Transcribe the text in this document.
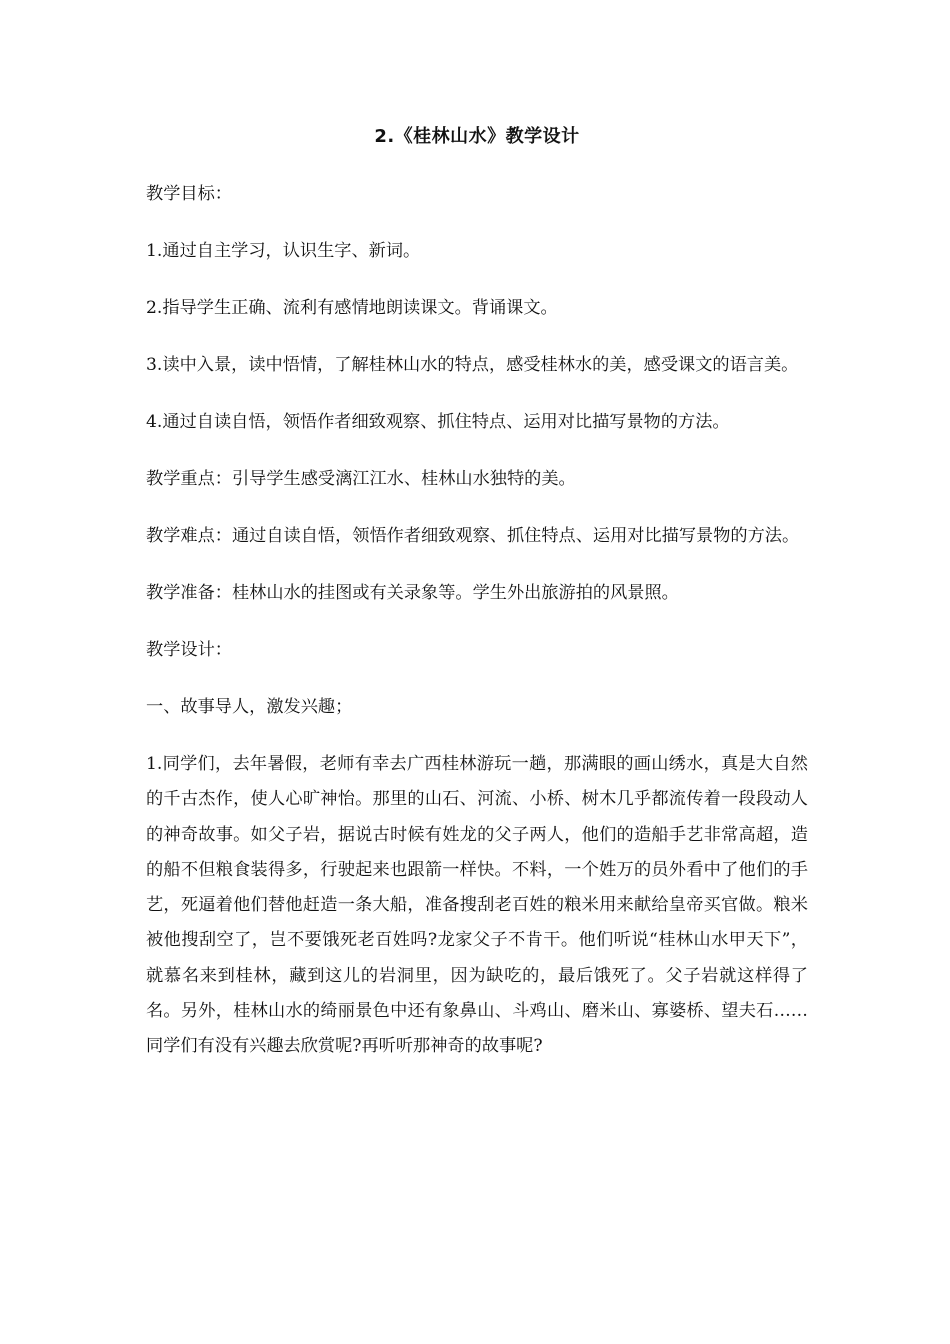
2.《桂林山水》教学设计

教学目标：

1.通过自主学习，认识生字、新词。

2.指导学生正确、流利有感情地朗读课文。背诵课文。

3.读中入景，读中悟情，了解桂林山水的特点，感受桂林水的美，感受课文的语言美。

4.通过自读自悟，领悟作者细致观察、抓住特点、运用对比描写景物的方法。

教学重点：引导学生感受漓江江水、桂林山水独特的美。

教学难点：通过自读自悟，领悟作者细致观察、抓住特点、运用对比描写景物的方法。

教学准备：桂林山水的挂图或有关录象等。学生外出旅游拍的风景照。

教学设计：

一、故事导人，激发兴趣；

1.同学们，去年暑假，老师有幸去广西桂林游玩一趟，那满眼的画山绣水，真是大自然的千古杰作，使人心旷神怡。那里的山石、河流、小桥、树木几乎都流传着一段段动人的神奇故事。如父子岩，据说古时候有姓龙的父子两人，他们的造船手艺非常高超，造的船不但粮食装得多，行驶起来也跟箭一样快。不料，一个姓万的员外看中了他们的手艺，死逼着他们替他赶造一条大船，准备搜刮老百姓的粮米用来献给皇帝买官做。粮米被他搜刮空了，岂不要饿死老百姓吗?龙家父子不肯干。他们听说“桂林山水甲天下”，就慕名来到桂林，藏到这儿的岩洞里，因为缺吃的，最后饿死了。父子岩就这样得了名。另外，桂林山水的绮丽景色中还有象鼻山、斗鸡山、磨米山、寡婆桥、望夫石……同学们有没有兴趣去欣赏呢?再听听那神奇的故事呢?
